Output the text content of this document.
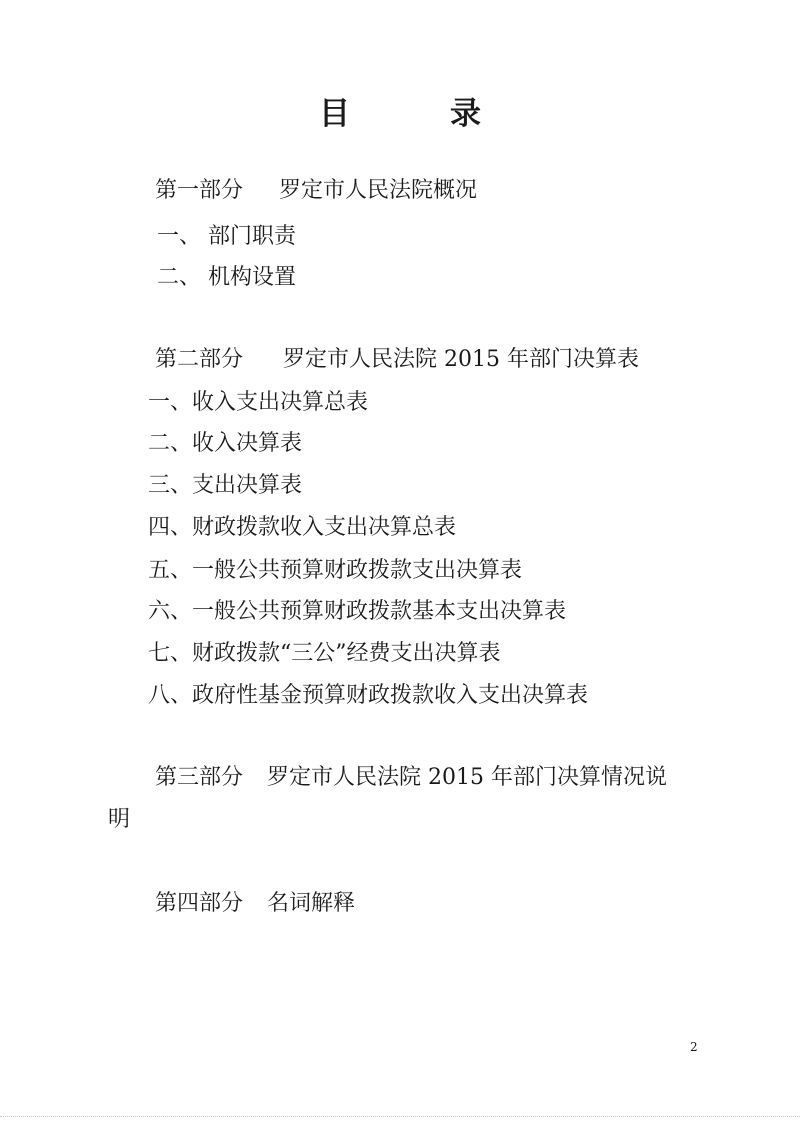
目	录
第一部分 罗定市人民法院概况
一、 部门职责
二、 机构设置
第二部分 罗定市人民法院 2015 年部门决算表
一、收入支出决算总表
二、收入决算表
三、支出决算表
四、财政拨款收入支出决算总表
五、一般公共预算财政拨款支出决算表
六、一般公共预算财政拨款基本支出决算表
七、财政拨款“三公”经费支出决算表
八、政府性基金预算财政拨款收入支出决算表
第三部分 罗定市人民法院 2015 年部门决算情况说
明
第四部分 名词解释
2
